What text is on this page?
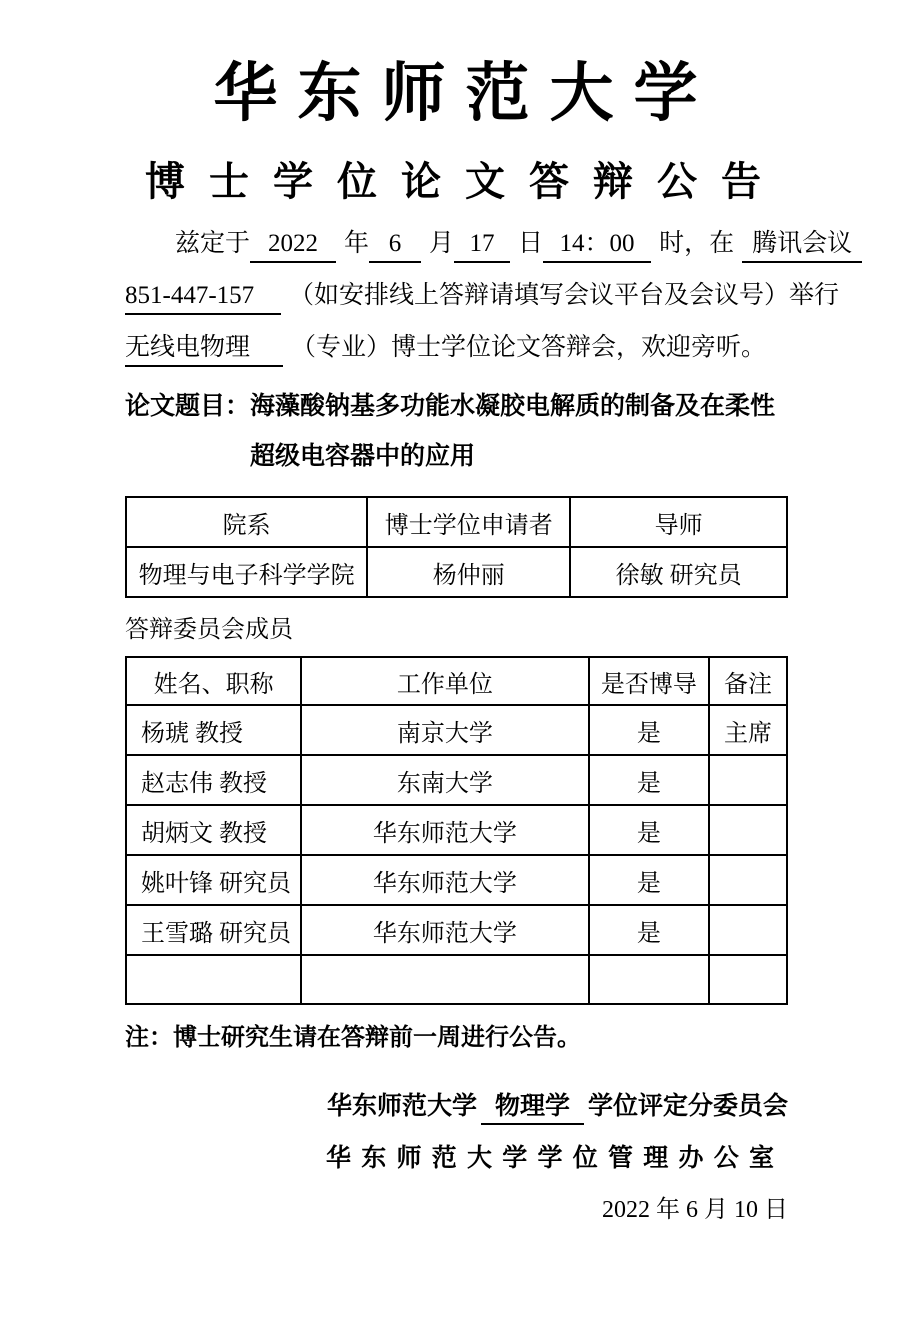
华 东 师 范 大 学
博 士 学 位 论 文 答 辩 公 告
兹定于 2022 年 6 月 17 日 14：00 时，在 腾讯会议
851-447-157 （如安排线上答辩请填写会议平台及会议号）举行
无线电物理 （专业）博士学位论文答辩会，欢迎旁听。
论文题目：海藻酸钠基多功能水凝胶电解质的制备及在柔性
超级电容器中的应用
院系	博士学位申请者	导师
物理与电子科学学院	杨仲丽	徐敏 研究员
答辩委员会成员
姓名、职称	工作单位	是否博导	备注
杨琥 教授	南京大学	是	主席
赵志伟 教授	东南大学	是	
胡炳文 教授	华东师范大学	是	
姚叶锋 研究员	华东师范大学	是	
王雪璐 研究员	华东师范大学	是	

注：博士研究生请在答辩前一周进行公告。
华东师范大学 物理学 学位评定分委员会
华 东 师 范 大 学 学 位 管 理 办 公 室
2022 年 6 月 10 日
